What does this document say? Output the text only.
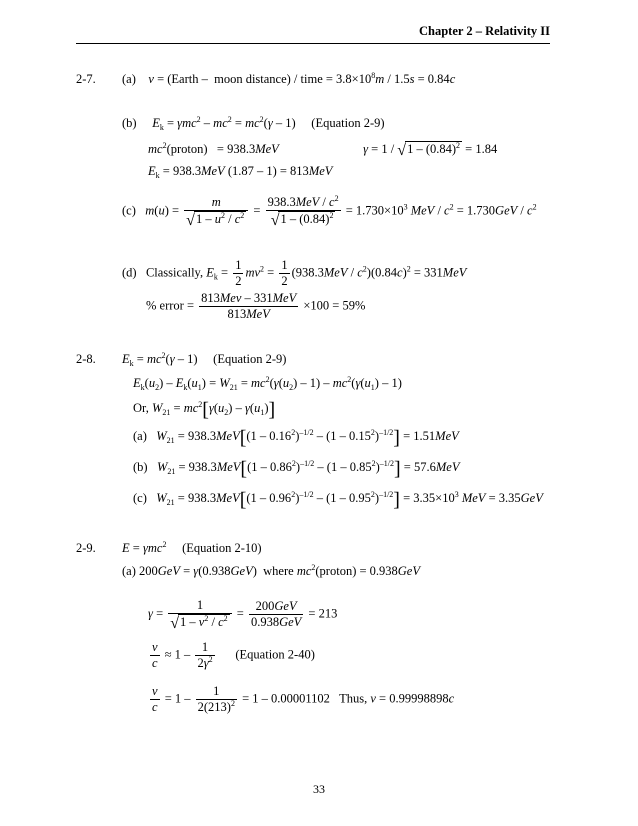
Chapter 2 – Relativity II
2-7. (a)    v = (Earth –  moon distance) / time = $3.8\times 10^8m / 1.5s = 0.84c$
(b)     $E_k = \gamma mc^2 - mc^2 = mc^2(\gamma - 1)$     (Equation 2-9)
$mc^2(proton) = 938.3MeV$	$\gamma = 1 / √1 - (0.84)^2 = 1.84$
$E_k = 938.3MeV$ (1.87 – 1) = 813MeV
(c)   $m(u) = \frac{m}{√1 - u^2 / c^2} = \frac{938.3MeV / c^2}{√1 - (0.84)^2} = 1.730\times 10^3$ MeV / $c^2 = 1.730GeV / c^2$
(d)   Classically, $E_k = \frac{1}{2} mv^2 = \frac{1}{2} (938.3MeV / c^2)(0.84c)^2 = 331MeV$
% error = $\frac{\text{813Mev – 331MeV}}{\text{813MeV}} \times 100 = 59\%$
2-8. $E_k = mc^2(\gamma - 1)$     (Equation 2-9)
$E_k(u_2) - E_k(u_1) = W_{21} = mc^2(\gamma(u_2) - 1) - mc^2(\gamma(u_1) - 1)$
Or, $W_{21} = mc^2[\gamma(u_2) - \gamma(u_1)]$
(a)   $W_{21} = 938.3MeV[(1 - 0.16^2)^{-1/2} - (1 - 0.15^2)^{-1/2}] = 1.51MeV$
(b)   $W_{21} = 938.3MeV[(1 - 0.86^2)^{-1/2} - (1 - 0.85^2)^{-1/2}] = 57.6MeV$
(c)   $W_{21} = 938.3MeV[(1 - 0.96^2)^{-1/2} - (1 - 0.95^2)^{-1/2}] = 3.35\times 10^3$ MeV = 3.35GeV
2-9. E = γmc$^2$     (Equation 2-10)
(a) 200GeV = γ(0.938GeV)  where $mc^2(proton) = 0.938GeV$
$\gamma = \frac{1}{√1 - v^2 / c^2} = \frac{\text{200GeV}}{\text{0.938GeV}} = 213$
$\frac{v}{c} \approx 1 - \frac{1}{2\gamma^2}$ (Equation 2-40)
$\frac{v}{c} = 1 - \frac{1}{2(213)^2} = 1 - 0.00001102$   Thus, v = 0.99998898c
33
